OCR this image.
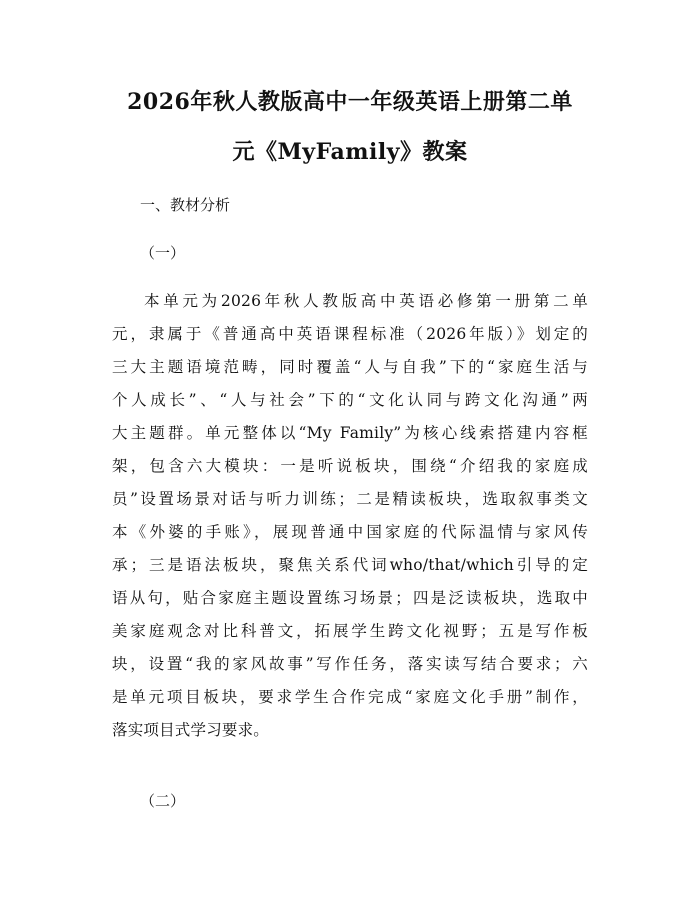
2026年秋人教版高中一年级英语上册第二单
元《MyFamily》教案
一、教材分析
（一）
本单元为2026年秋人教版高中英语必修第一册第二单
元，隶属于《普通高中英语课程标准（2026年版）》划定的
三大主题语境范畴，同时覆盖“人与自我”下的“家庭生活与
个人成长”、“人与社会”下的“文化认同与跨文化沟通”两
大主题群。单元整体以“My Family”为核心线索搭建内容框
架，包含六大模块：一是听说板块，围绕“介绍我的家庭成
员”设置场景对话与听力训练；二是精读板块，选取叙事类文
本《外婆的手账》，展现普通中国家庭的代际温情与家风传
承；三是语法板块，聚焦关系代词who/that/which引导的定
语从句，贴合家庭主题设置练习场景；四是泛读板块，选取中
美家庭观念对比科普文，拓展学生跨文化视野；五是写作板
块，设置“我的家风故事”写作任务，落实读写结合要求；六
是单元项目板块，要求学生合作完成“家庭文化手册”制作，
落实项目式学习要求。
（二）
